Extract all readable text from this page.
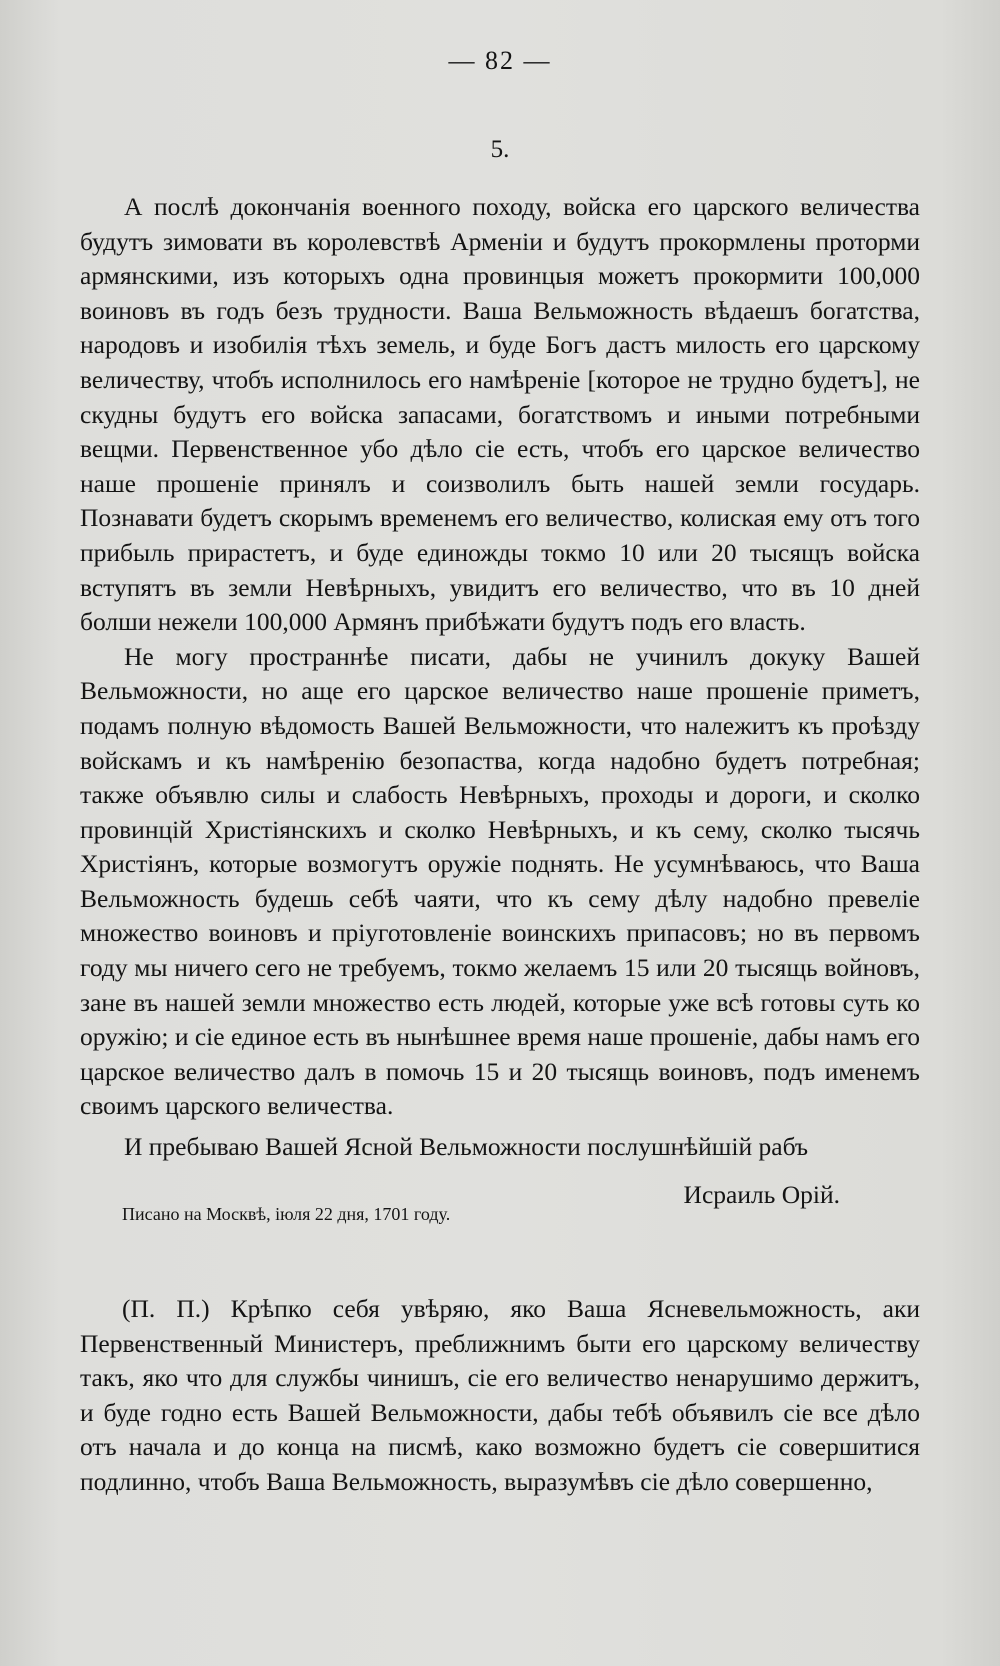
— 82 —
5.

А послѣ докончанія военного походу, войска его царского величества будутъ зимовати въ королевствѣ Арменіи и будутъ прокормлены проторми армянскими, изъ которыхъ одна провинцыя можетъ прокормити 100,000 воиновъ въ годъ безъ трудности. Ваша Вельможность вѣдаешъ богатства, народовъ и изобилія тѣхъ земель, и буде Богъ дастъ милость его царскому величеству, чтобъ исполнилось его намѣреніе [которое не трудно будетъ], не скудны будутъ его войска запасами, богатствомъ и иными потребными вещми. Первенственное убо дѣло сіе есть, чтобъ его царское величество наше прошеніе принялъ и соизволилъ быть нашей земли государь. Познавати будетъ скорымъ временемъ его величество, колиская ему отъ того прибыль прирастетъ, и буде единожды токмо 10 или 20 тысящъ войска вступятъ въ земли Невѣрныхъ, увидитъ его величество, что въ 10 дней болши нежели 100,000 Армянъ прибѣжати будутъ подъ его власть.

Не могу пространнѣе писати, дабы не учинилъ докуку Вашей Вельможности, но аще его царское величество наше прошеніе приметъ, подамъ полную вѣдомость Вашей Вельможности, что належитъ къ проѣзду войскамъ и къ намѣренію безопаства, когда надобно будетъ потребная; также объявлю силы и слабость Невѣрныхъ, проходы и дороги, и сколко провинцій Христіянскихъ и сколко Невѣрныхъ, и къ сему, сколко тысячь Христіянъ, которые возмогутъ оружіе поднять. Не усумнѣваюсь, что Ваша Вельможность будешь себѣ чаяти, что къ сему дѣлу надобно превеліе множество воиновъ и пріуготовленіе воинскихъ припасовъ; но въ первомъ году мы ничего сего не требуемъ, токмо желаемъ 15 или 20 тысящь войновъ, зане въ нашей земли множество есть людей, которые уже всѣ готовы суть ко оружію; и сіе единое есть въ нынѣшнее время наше прошеніе, дабы намъ его царское величество далъ в помочь 15 и 20 тысящь воиновъ, подъ именемъ своимъ царского величества.

И пребываю Вашей Ясной Вельможности послушнѣйшій рабъ
Исраиль Орій.
Писано на Москвѣ, іюля 22 дня, 1701 году.
(П. П.) Крѣпко себя увѣряю, яко Ваша Ясневельможность, аки Первенственный Министеръ, преближнимъ быти его царскому величеству такъ, яко что для службы чинишъ, сіе его величество ненарушимо держитъ, и буде годно есть Вашей Вельможности, дабы тебѣ объявилъ сіе все дѣло отъ начала и до конца на писмѣ, како возможно будетъ сіе совершитися подлинно, чтобъ Ваша Вельможность, выразумѣвъ сіе дѣло совершенно,
